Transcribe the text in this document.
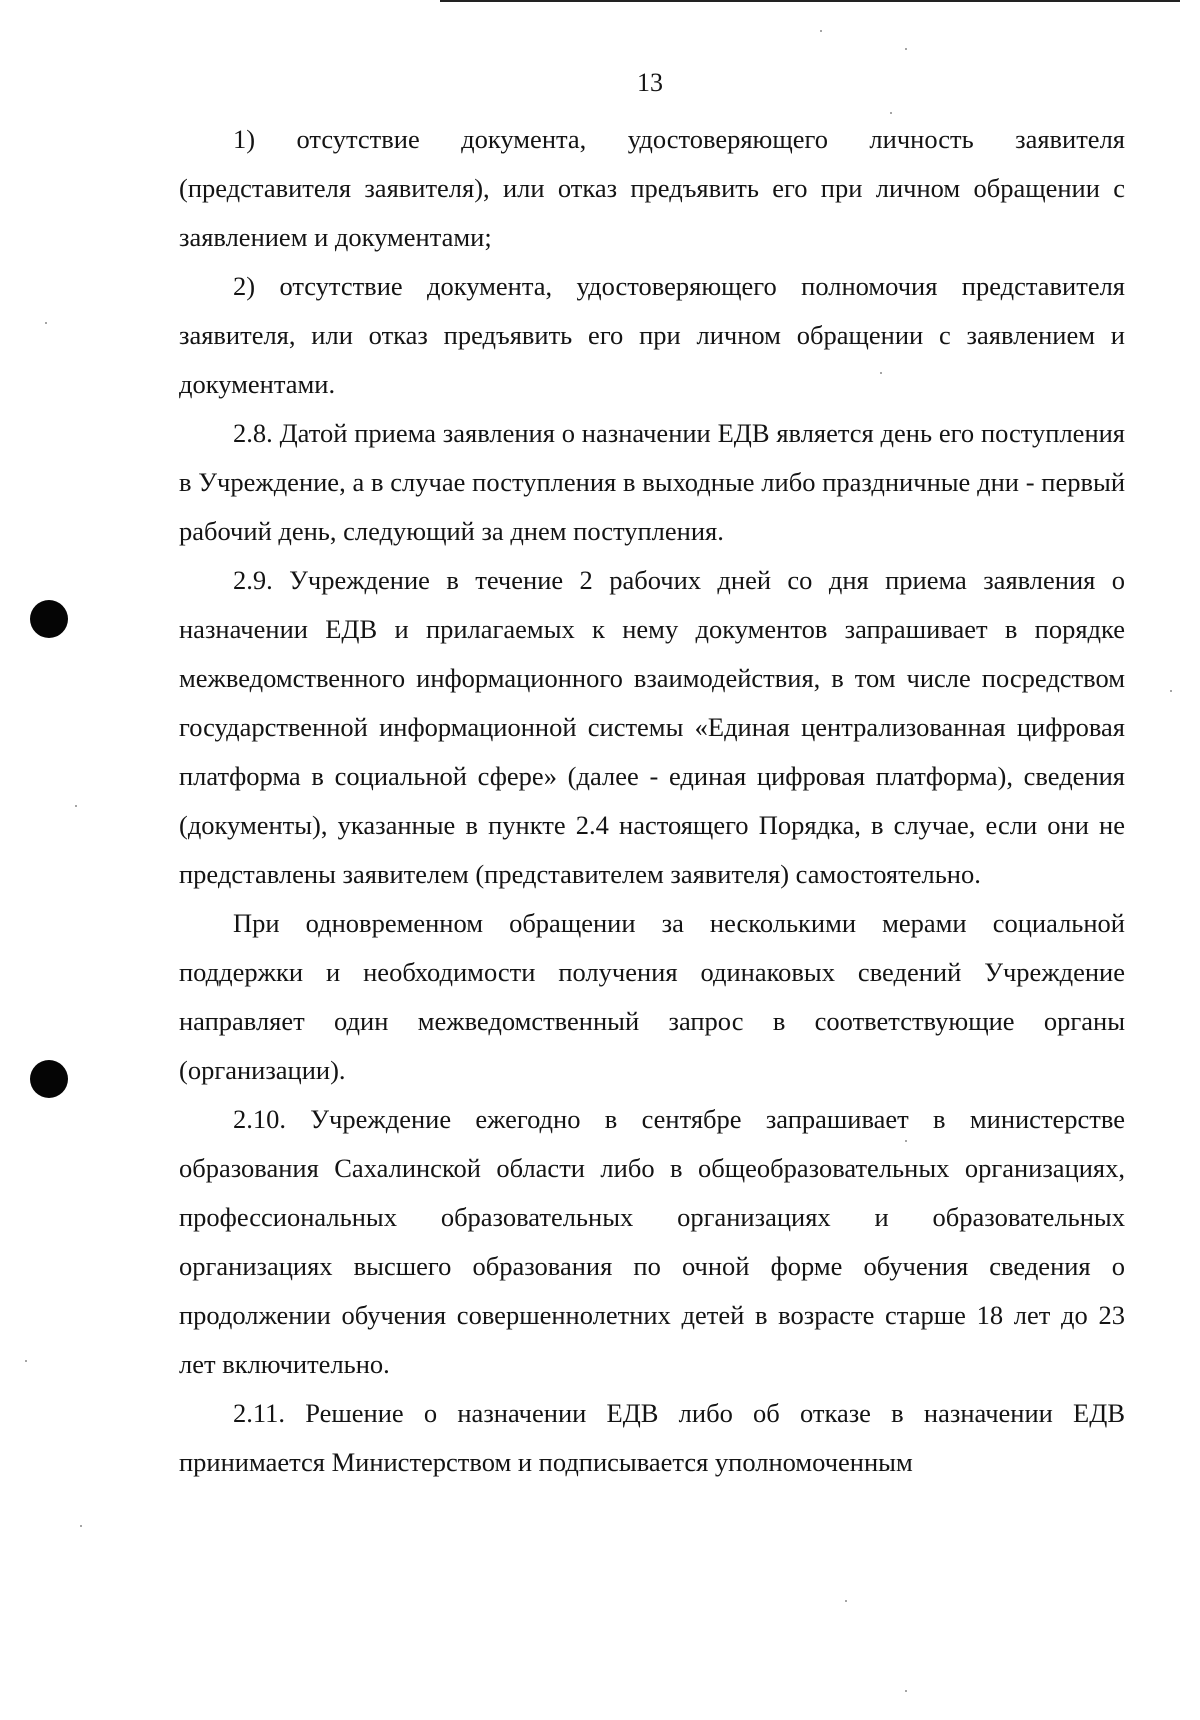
13

1) отсутствие документа, удостоверяющего личность заявителя (представителя заявителя), или отказ предъявить его при личном обращении с заявлением и документами;

2) отсутствие документа, удостоверяющего полномочия представителя заявителя, или отказ предъявить его при личном обращении с заявлением и документами.

2.8. Датой приема заявления о назначении ЕДВ является день его поступления в Учреждение, а в случае поступления в выходные либо праздничные дни - первый рабочий день, следующий за днем поступления.

2.9. Учреждение в течение 2 рабочих дней со дня приема заявления о назначении ЕДВ и прилагаемых к нему документов запрашивает в порядке межведомственного информационного взаимодействия, в том числе посредством государственной информационной системы «Единая централизованная цифровая платформа в социальной сфере» (далее - единая цифровая платформа), сведения (документы), указанные в пункте 2.4 настоящего Порядка, в случае, если они не представлены заявителем (представителем заявителя) самостоятельно.

При одновременном обращении за несколькими мерами социальной поддержки и необходимости получения одинаковых сведений Учреждение направляет один межведомственный запрос в соответствующие органы (организации).

2.10. Учреждение ежегодно в сентябре запрашивает в министерстве образования Сахалинской области либо в общеобразовательных организациях, профессиональных образовательных организациях и образовательных организациях высшего образования по очной форме обучения сведения о продолжении обучения совершеннолетних детей в возрасте старше 18 лет до 23 лет включительно.

2.11. Решение о назначении ЕДВ либо об отказе в назначении ЕДВ принимается Министерством и подписывается уполномоченным
